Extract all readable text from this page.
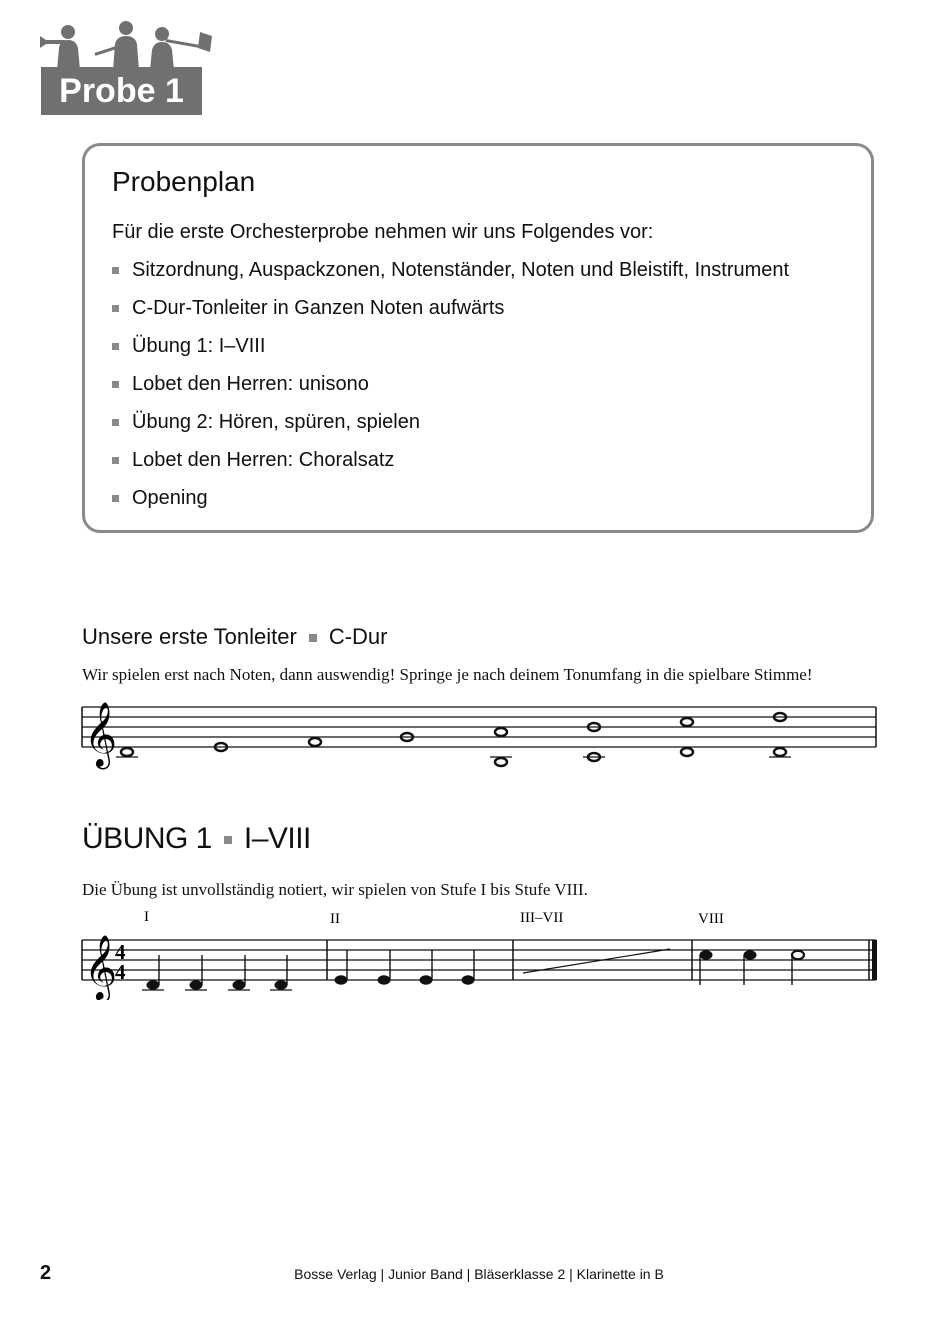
Probe 1
Probenplan
Für die erste Orchesterprobe nehmen wir uns Folgendes vor:
Sitzordnung, Auspackzonen, Notenständer, Noten und Bleistift, Instrument
C-Dur-Tonleiter in Ganzen Noten aufwärts
Übung 1: I–VIII
Lobet den Herren: unisono
Übung 2: Hören, spüren, spielen
Lobet den Herren: Choralsatz
Opening
Unsere erste Tonleiter C-Dur
Wir spielen erst nach Noten, dann auswendig! Springe je nach deinem Tonumfang in die spielbare Stimme!
𝄞
ÜBUNG 1 I–VIII
Die Übung ist unvollständig notiert, wir spielen von Stufe I bis Stufe VIII.
I	II	III–VII	VIII
𝄞
4
4
2	Bosse Verlag | Junior Band | Bläserklasse 2 | Klarinette in B
